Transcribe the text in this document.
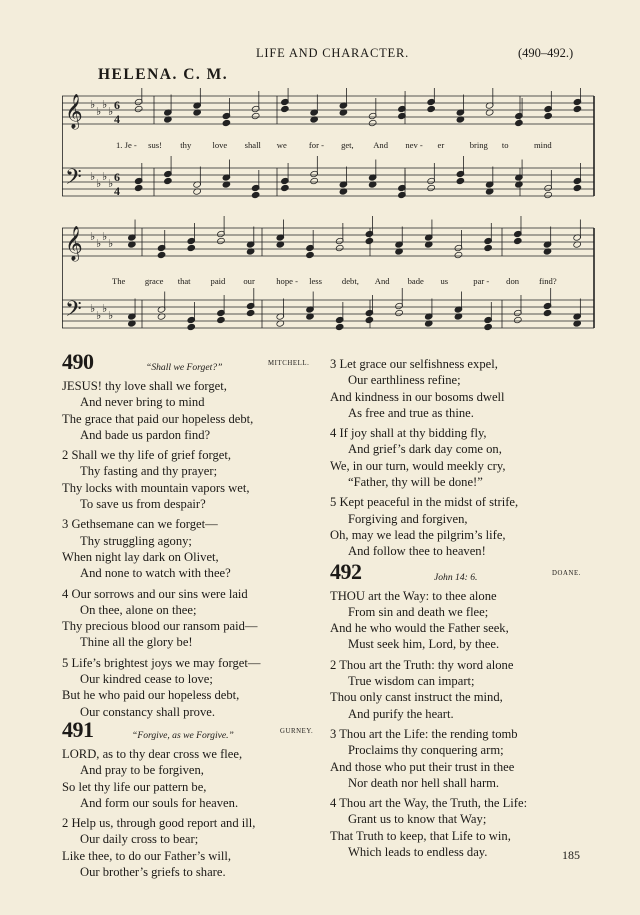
LIFE AND CHARACTER.	(490–492.)
HELENA. C. M.
𝄞
𝄢
𝄞
𝄢
♭
♭
♭
♭
♭
♭
♭
♭
♭
♭
♭
♭
♭
♭
♭
♭
6
4
6
4
1. Je - sus! thy love shall we	for - get, And nev - er	bring to	mind
The grace that paid our hope - less debt, And bade us	par - don find?
490	“Shall we Forget?”	MITCHELL.
JESUS! thy love shall we forget,
And never bring to mind
The grace that paid our hopeless debt,
And bade us pardon find?
2 Shall we thy life of grief forget,
Thy fasting and thy prayer;
Thy locks with mountain vapors wet,
To save us from despair?
3 Gethsemane can we forget—
Thy struggling agony;
When night lay dark on Olivet,
And none to watch with thee?
4 Our sorrows and our sins were laid
On thee, alone on thee;
Thy precious blood our ransom paid—
Thine all the glory be!
5 Life’s brightest joys we may forget—
Our kindred cease to love;
But he who paid our hopeless debt,
Our constancy shall prove.
491	“Forgive, as we Forgive.”	GURNEY.
LORD, as to thy dear cross we flee,
And pray to be forgiven,
So let thy life our pattern be,
And form our souls for heaven.
2 Help us, through good report and ill,
Our daily cross to bear;
Like thee, to do our Father’s will,
Our brother’s griefs to share.
3 Let grace our selfishness expel,
Our earthliness refine;
And kindness in our bosoms dwell
As free and true as thine.
4 If joy shall at thy bidding fly,
And grief’s dark day come on,
We, in our turn, would meekly cry,
“Father, thy will be done!”
5 Kept peaceful in the midst of strife,
Forgiving and forgiven,
Oh, may we lead the pilgrim’s life,
And follow thee to heaven!
492	John 14: 6.	DOANE.
THOU art the Way: to thee alone
From sin and death we flee;
And he who would the Father seek,
Must seek him, Lord, by thee.
2 Thou art the Truth: thy word alone
True wisdom can impart;
Thou only canst instruct the mind,
And purify the heart.
3 Thou art the Life: the rending tomb
Proclaims thy conquering arm;
And those who put their trust in thee
Nor death nor hell shall harm.
4 Thou art the Way, the Truth, the Life:
Grant us to know that Way;
That Truth to keep, that Life to win,
Which leads to endless day.	185
